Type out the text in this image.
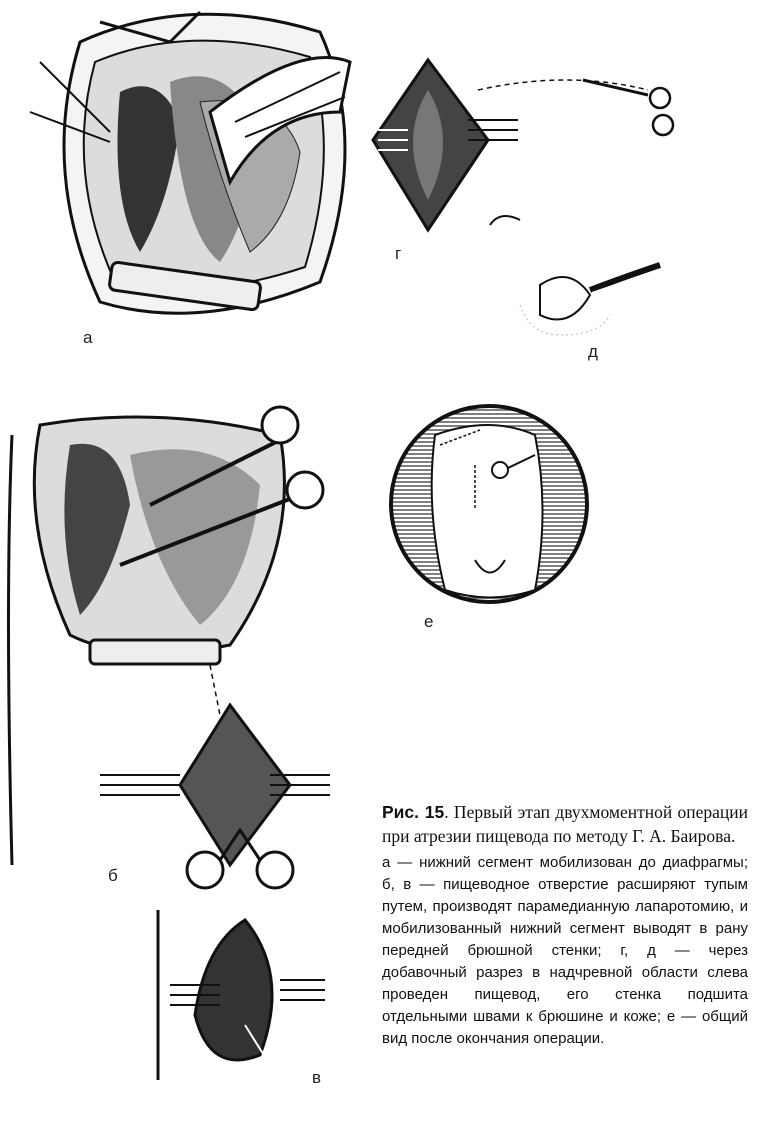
а
г
д
б
в
е
Рис. 15. Первый этап двухмоментной операции при атрезии пищевода по методу Г. А. Баирова.
а — нижний сегмент мобилизован до диафрагмы; б, в — пищеводное отверстие расширяют тупым путем, производят парамедианную лапаротомию, и мобилизованный нижний сегмент выводят в рану передней брюшной стенки; г, д — через добавочный разрез в надчревной области слева проведен пищевод, его стенка подшита отдельными швами к брюшине и коже; е — общий вид после окончания операции.
